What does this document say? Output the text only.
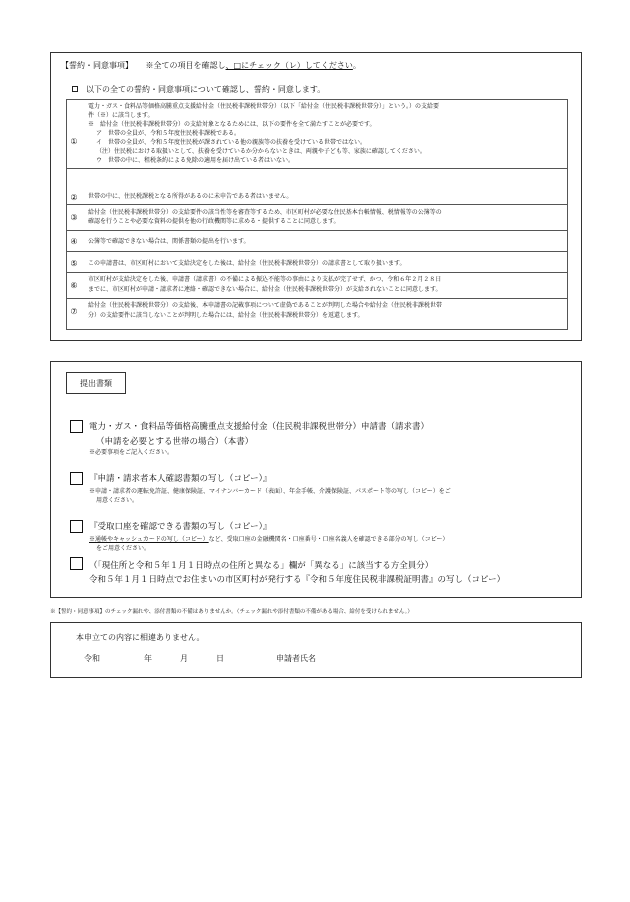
【誓約・同意事項】 ※全ての項目を確認し、□にチェック（レ）してください。
以下の全ての誓約・同意事項について確認し、誓約・同意します。
①
電力・ガス・食料品等価格高騰重点支援給付金（住民税非課税世帯分）（以下「給付金（住民税非課税世帯分）」という。）の支給要
件（※）に該当します。
※　給付金（住民税非課税世帯分）の支給対象となるためには、以下の要件を全て満たすことが必要です。
ア　世帯の全員が、令和５年度住民税非課税である。
イ　世帯の全員が、令和５年度住民税が課されている他の親族等の扶養を受けている世帯ではない。
（注）住民税における取扱いとして、扶養を受けているか分からないときは、両親や子ども等、家族に確認してください。
ウ　世帯の中に、租税条約による免除の適用を届け出ている者はいない。
②	世帯の中に、住民税課税となる所得があるのに未申告である者はいません。
③
給付金（住民税非課税世帯分）の支給要件の該当性等を審査等するため、市区町村が必要な住民基本台帳情報、税情報等の公簿等の
確認を行うことや必要な資料の提供を他の行政機関等に求める・提供することに同意します。
④	公簿等で確認できない場合は、関係書類の提出を行います。
⑤	この申請書は、市区町村において支給決定をした後は、給付金（住民税非課税世帯分）の請求書として取り扱います。
⑥
市区町村が支給決定をした後、申請書（請求書）の不備による振込不能等の事由により支払が完了せず、かつ、令和６年２月２８日
までに、市区町村が申請・請求者に連絡・確認できない場合に、給付金（住民税非課税世帯分）が支給されないことに同意します。
⑦
給付金（住民税非課税世帯分）の支給後、本申請書の記載事項について虚偽であることが判明した場合や給付金（住民税非課税世帯
分）の支給要件に該当しないことが判明した場合には、給付金（住民税非課税世帯分）を返還します。
提出書類
電力・ガス・食料品等価格高騰重点支援給付金（住民税非課税世帯分）申請書（請求書）
（申請を必要とする世帯の場合）（本書）
※必要事項をご記入ください。
『申請・請求者本人確認書類の写し（コピー）』
※申請・請求者の運転免許証、健康保険証、マイナンバーカード（表面）、年金手帳、介護保険証、パスポート等の写し（コピー）をご
用意ください。
『受取口座を確認できる書類の写し（コピー）』
※通帳やキャッシュカードの写し（コピー）など、受取口座の金融機関名・口座番号・口座名義人を確認できる部分の写し（コピー）
をご用意ください。
（「現住所と令和５年１月１日時点の住所と異なる」欄が「異なる」に該当する方全員分）
令和５年１月１日時点でお住まいの市区町村が発行する『令和５年度住民税非課税証明書』の写し（コピー）
※【誓約・同意事項】のチェック漏れや、添付書類の不備はありませんか。（チェック漏れや添付書類の不備がある場合、給付を受けられません。）
本申立ての内容に相違ありません。
令和	年	月	日	申請者氏名
